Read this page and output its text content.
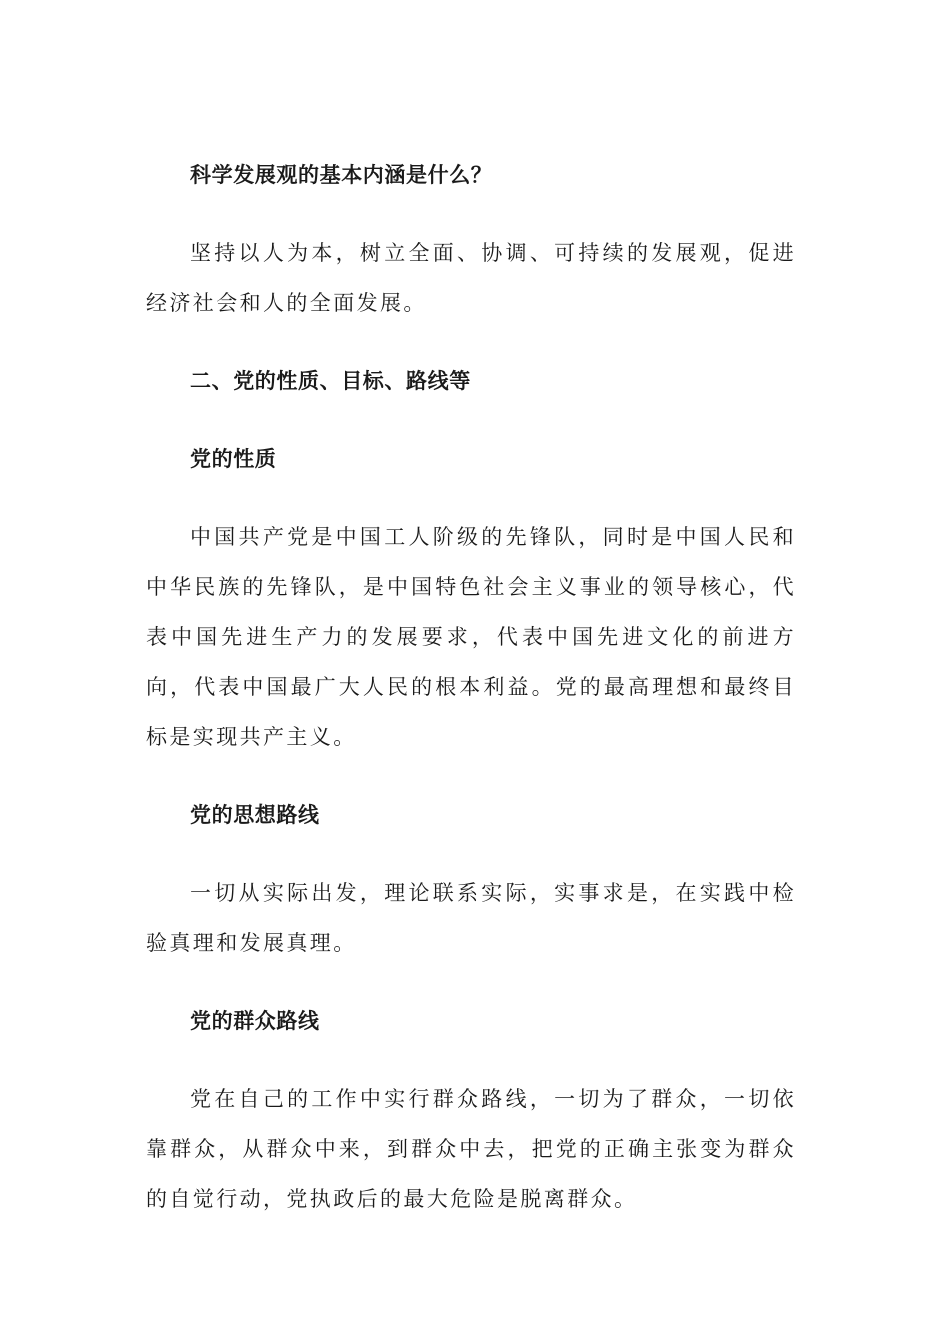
科学发展观的基本内涵是什么？

坚持以人为本，树立全面、协调、可持续的发展观，促进经济社会和人的全面发展。

二、党的性质、目标、路线等

党的性质

中国共产党是中国工人阶级的先锋队，同时是中国人民和中华民族的先锋队，是中国特色社会主义事业的领导核心，代表中国先进生产力的发展要求，代表中国先进文化的前进方向，代表中国最广大人民的根本利益。党的最高理想和最终目标是实现共产主义。

党的思想路线

一切从实际出发，理论联系实际，实事求是，在实践中检验真理和发展真理。

党的群众路线

党在自己的工作中实行群众路线，一切为了群众，一切依靠群众，从群众中来，到群众中去，把党的正确主张变为群众的自觉行动，党执政后的最大危险是脱离群众。
